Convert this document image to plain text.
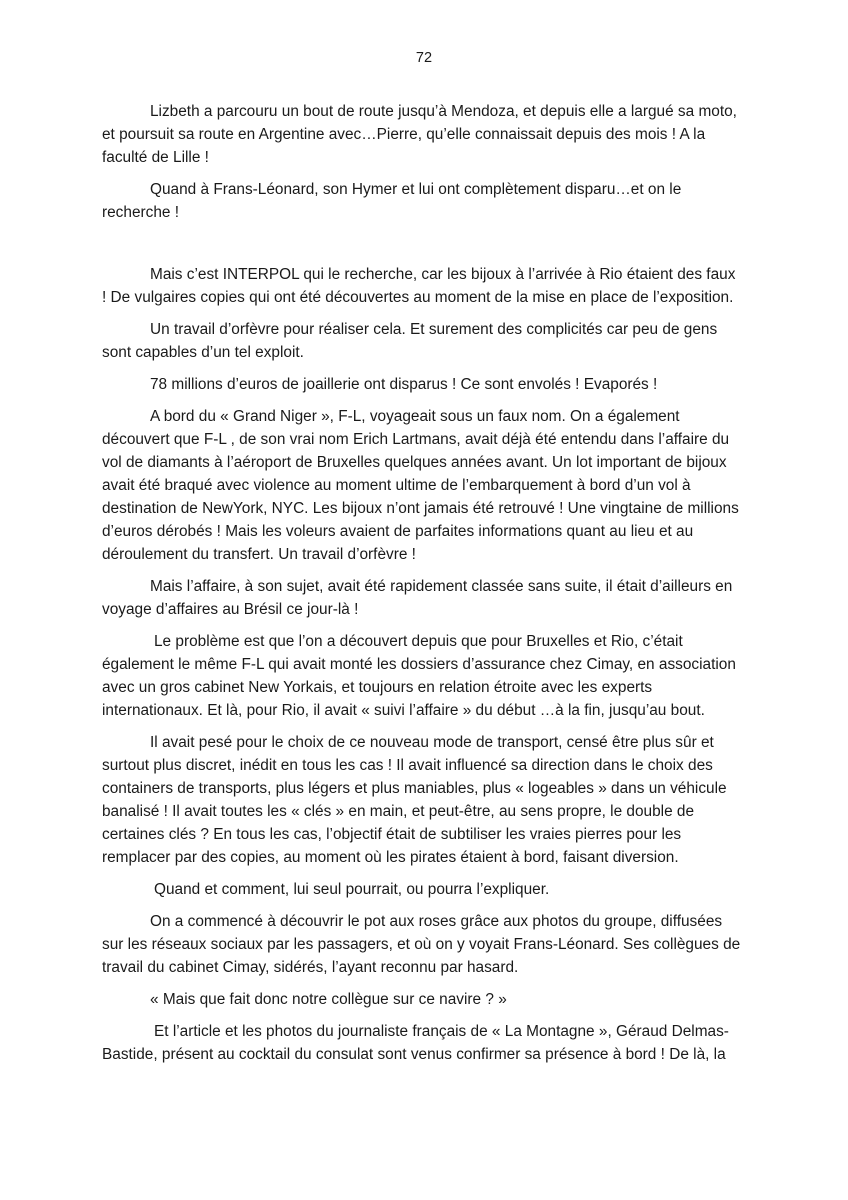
72

Lizbeth a parcouru un bout de route jusqu’à Mendoza, et depuis elle a largué sa moto, et poursuit sa route en Argentine avec…Pierre, qu’elle connaissait depuis des mois ! A la faculté de Lille !

Quand à Frans-Léonard, son Hymer et lui ont complètement disparu…et on le recherche !

Mais c’est INTERPOL qui le recherche, car les bijoux à l’arrivée à Rio étaient des faux ! De vulgaires copies qui ont été découvertes au moment de la mise en place de l’exposition.

Un travail d’orfèvre pour réaliser cela. Et surement des complicités car peu de gens sont capables d’un tel exploit.

78 millions d’euros de joaillerie ont disparus ! Ce sont envolés ! Evaporés !

A bord du « Grand Niger », F-L, voyageait sous un faux nom. On a également découvert que F-L , de son vrai nom Erich Lartmans, avait déjà été entendu dans l’affaire du vol de diamants à l’aéroport de Bruxelles quelques années avant. Un lot important de bijoux avait été braqué avec violence au moment ultime de l’embarquement à bord d’un vol à destination de NewYork, NYC. Les bijoux n’ont jamais été retrouvé ! Une vingtaine de millions d’euros dérobés ! Mais les voleurs avaient de parfaites informations quant au lieu et au déroulement du transfert. Un travail d’orfèvre !

Mais l’affaire, à son sujet, avait été rapidement classée sans suite, il était d’ailleurs en voyage d’affaires au Brésil ce jour-là !

Le problème est que l’on a découvert depuis que pour Bruxelles et Rio, c’était également le même F-L qui avait monté les dossiers d’assurance chez Cimay, en association avec un gros cabinet New Yorkais, et toujours en relation étroite avec les experts internationaux. Et là, pour Rio, il avait « suivi l’affaire » du début …à la fin, jusqu’au bout.

Il avait pesé pour le choix de ce nouveau mode de transport, censé être plus sûr et surtout plus discret, inédit en tous les cas ! Il avait influencé sa direction dans le choix des containers de transports, plus légers et plus maniables, plus « logeables » dans un véhicule banalisé ! Il avait toutes les « clés » en main, et peut-être, au sens propre, le double de certaines clés ? En tous les cas, l’objectif était de subtiliser les vraies pierres pour les remplacer par des copies, au moment où les pirates étaient à bord, faisant diversion.

Quand et comment, lui seul pourrait, ou pourra l’expliquer.

On a commencé à découvrir le pot aux roses grâce aux photos du groupe, diffusées sur les réseaux sociaux par les passagers, et où on y voyait Frans-Léonard. Ses collègues de travail du cabinet Cimay, sidérés, l’ayant reconnu par hasard.

« Mais que fait donc notre collègue sur ce navire ? »

Et l’article et les photos du journaliste français de « La Montagne », Géraud Delmas-Bastide, présent au cocktail du consulat sont venus confirmer sa présence à bord ! De là, la
